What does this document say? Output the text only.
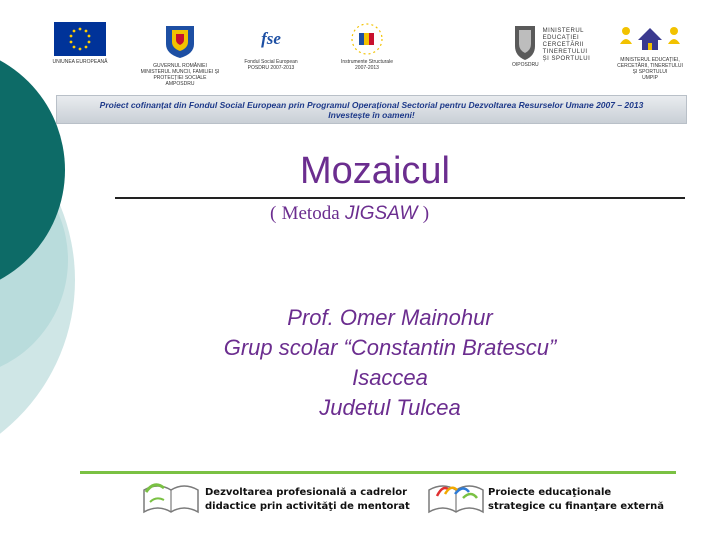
UNIUNEA EUROPEANĂ
GUVERNUL ROMÂNIEI
MINISTERUL MUNCII, FAMILIEI ȘI
PROTECȚIEI SOCIALE
AMPOSDRU
fse
Fondul Social European
POSDRU 2007-2013
Instrumente Structurale
2007-2013	OIPOSDRU
MINISTERUL
EDUCAȚIEI
CERCETĂRII
TINERETULUI
ȘI SPORTULUI	MINISTERUL EDUCAȚIEI,
CERCETĂRII, TINERETULUI
ȘI SPORTULUI
UMPIP
Proiect cofinanțat din Fondul Social European prin Programul Operațional Sectorial pentru Dezvoltarea Resurselor Umane 2007 – 2013
Investește în oameni!
Mozaicul
( Metoda JIGSAW )
Prof. Omer Mainohur
Grup scolar “Constantin Bratescu”
Isaccea
Judetul Tulcea
Dezvoltarea profesională a cadrelor
didactice prin activităţi de mentorat
Proiecte educaţionale
strategice cu finanţare externă
